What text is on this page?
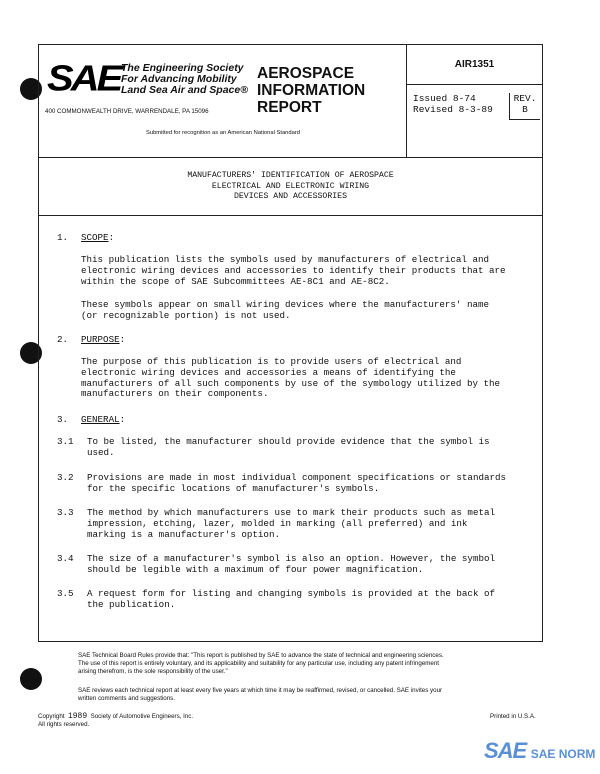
SAE The Engineering Society
For Advancing Mobility
Land Sea Air and Space®
400 COMMONWEALTH DRIVE, WARRENDALE, PA 15096
AEROSPACE
INFORMATION
REPORT
Submitted for recognition as an American National Standard
AIR1351
Issued 8-74
Revised 8-3-89
REV.
B
MANUFACTURERS' IDENTIFICATION OF AEROSPACE
ELECTRICAL AND ELECTRONIC WIRING
DEVICES AND ACCESSORIES
1. SCOPE:
This publication lists the symbols used by manufacturers of electrical and
electronic wiring devices and accessories to identify their products that are
within the scope of SAE Subcommittees AE-8C1 and AE-8C2.
These symbols appear on small wiring devices where the manufacturers' name
(or recognizable portion) is not used.
2. PURPOSE:
The purpose of this publication is to provide users of electrical and
electronic wiring devices and accessories a means of identifying the
manufacturers of all such components by use of the symbology utilized by the
manufacturers on their components.
3. GENERAL:
3.1 To be listed, the manufacturer should provide evidence that the symbol is
used.
3.2 Provisions are made in most individual component specifications or standards
for the specific locations of manufacturer's symbols.
3.3 The method by which manufacturers use to mark their products such as metal
impression, etching, lazer, molded in marking (all preferred) and ink
marking is a manufacturer's option.
3.4 The size of a manufacturer's symbol is also an option. However, the symbol
should be legible with a maximum of four power magnification.
3.5 A request form for listing and changing symbols is provided at the back of
the publication.
SAE Technical Board Rules provide that: "This report is published by SAE to advance the state of technical and engineering sciences.
The use of this report is entirely voluntary, and its applicability and suitability for any particular use, including any patent infringement
arising therefrom, is the sole responsibility of the user."
SAE reviews each technical report at least every five years at which time it may be reaffirmed, revised, or cancelled. SAE invites your
written comments and suggestions.
Copyright 1989 Society of Automotive Engineers, Inc.
All rights reserved.
Printed in U.S.A.
SAE SAE NORM
